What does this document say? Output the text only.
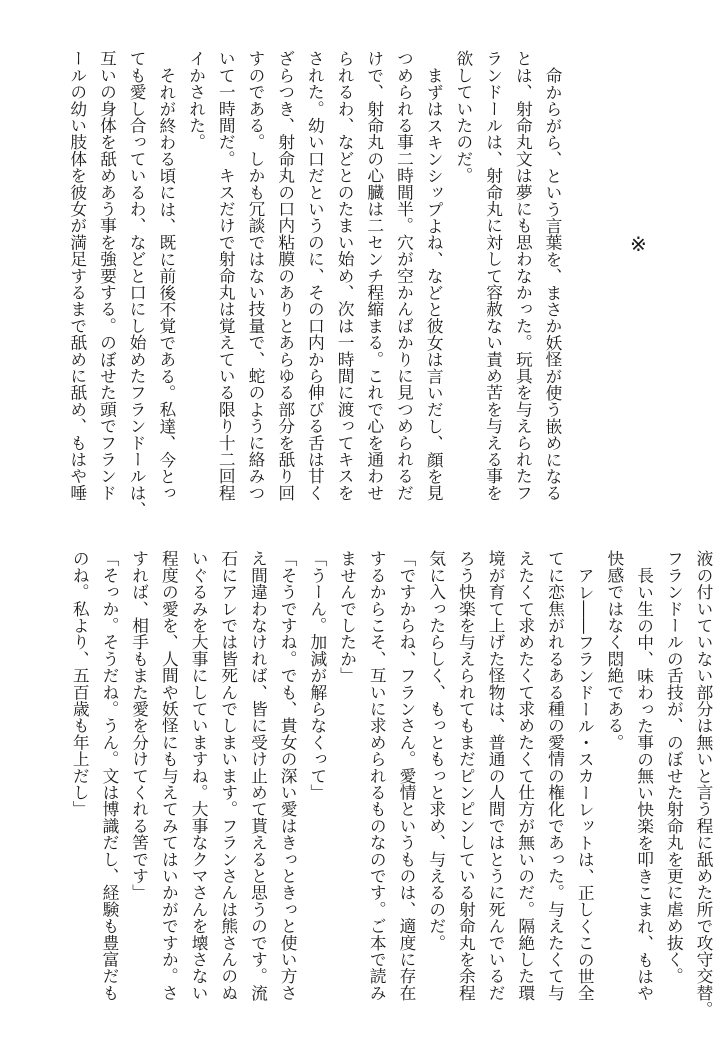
※
命からがら、という言葉を、まさか妖怪が使う嵌めになる
とは、射命丸文は夢にも思わなかった。玩具を与えられたフ
ランドールは、射命丸に対して容赦ない責め苦を与える事を
欲していたのだ。
まずはスキンシップよね、などと彼女は言いだし、顔を見
つめられる事二時間半。穴が空かんばかりに見つめられるだ
けで、射命丸の心臓は二センチ程縮まる。これで心を通わせ
られるわ、などとのたまい始め、次は一時間に渡ってキスを
された。幼い口だというのに、その口内から伸びる舌は甘く
ざらつき、射命丸の口内粘膜のありとあらゆる部分を舐り回
すのである。しかも冗談ではない技量で、蛇のように絡みつ
いて一時間だ。キスだけで射命丸は覚えている限り十二回程
イかされた。
それが終わる頃には、既に前後不覚である。私達、今とっ
ても愛し合っているわ、などと口にし始めたフランドールは、
互いの身体を舐めあう事を強要する。のぼせた頭でフランド
ールの幼い肢体を彼女が満足するまで舐めに舐め、もはや唾
液の付いていない部分は無いと言う程に舐めた所で攻守交替。
フランドールの舌技が、のぼせた射命丸を更に虐め抜く。
長い生の中、味わった事の無い快楽を叩きこまれ、もはや
快感ではなく悶絶である。
アレ――フランドール・スカーレットは、正しくこの世全
てに恋焦がれるある種の愛情の権化であった。与えたくて与
えたくて求めたくて求めたくて仕方が無いのだ。隔絶した環
境が育て上げた怪物は、普通の人間ではとうに死んでいるだ
ろう快楽を与えられてもまだピンピンしている射命丸を余程
気に入ったらしく、もっともっと求め、与えるのだ。
「ですからね、フランさん。愛情というものは、適度に存在
するからこそ、互いに求められるものなのです。ご本で読み
ませんでしたか」
「うーん。加減が解らなくって」
「そうですね。でも、貴女の深い愛はきっときっと使い方さ
え間違わなければ、皆に受け止めて貰えると思うのです。流
石にアレでは皆死んでしまいます。フランさんは熊さんのぬ
いぐるみを大事にしていますね。大事なクマさんを壊さない
程度の愛を、人間や妖怪にも与えてみてはいかがですか。さ
すれば、相手もまた愛を分けてくれる筈です」
「そっか。そうだね。うん。文は博識だし、経験も豊富だも
のね。私より、五百歳も年上だし」
